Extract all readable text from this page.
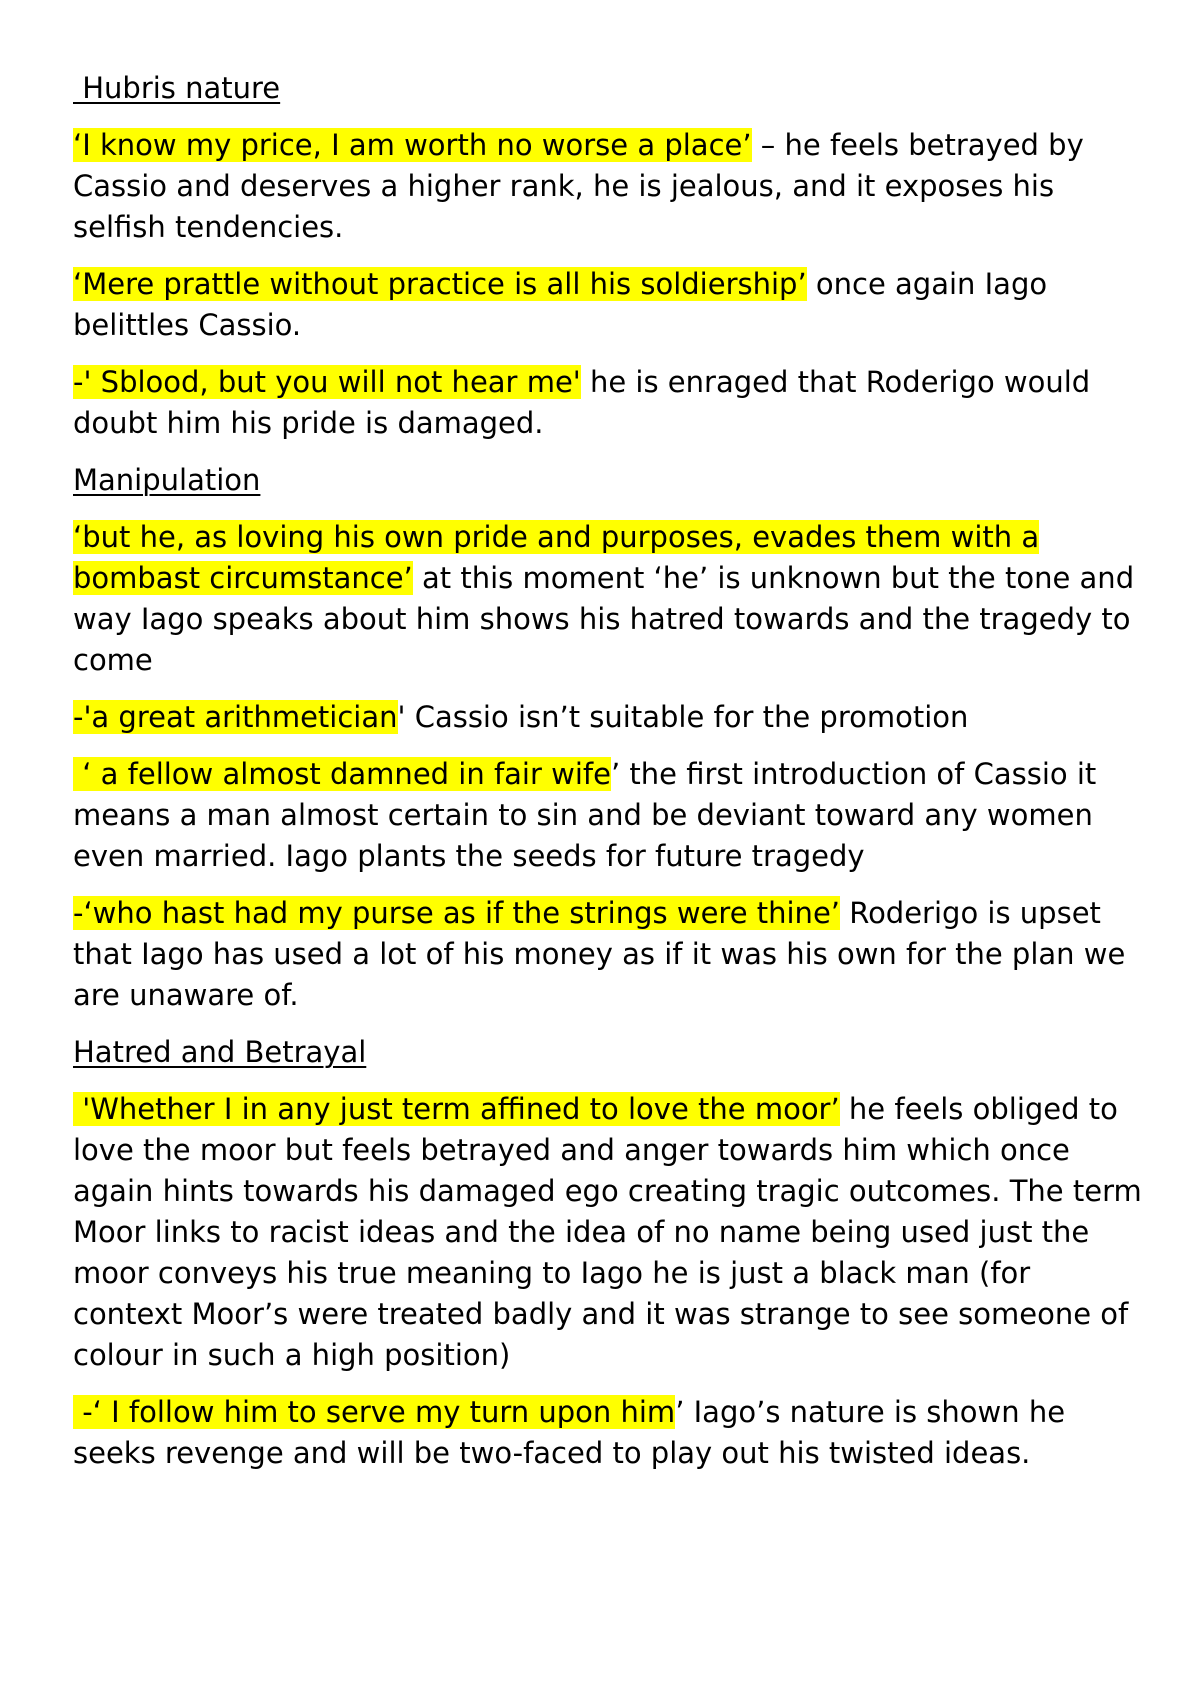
Hubris nature

‘I know my price, I am worth no worse a place’ – he feels betrayed by Cassio and deserves a higher rank, he is jealous, and it exposes his selfish tendencies.

‘Mere prattle without practice is all his soldiership’ once again Iago belittles Cassio.

-' Sblood, but you will not hear me' he is enraged that Roderigo would doubt him his pride is damaged.

Manipulation

‘but he, as loving his own pride and purposes, evades them with a bombast circumstance’ at this moment ‘he’ is unknown but the tone and way Iago speaks about him shows his hatred towards and the tragedy to come

-'a great arithmetician' Cassio isn’t suitable for the promotion

‘ a fellow almost damned in fair wife’ the first introduction of Cassio it means a man almost certain to sin and be deviant toward any women even married. Iago plants the seeds for future tragedy

-‘who hast had my purse as if the strings were thine’ Roderigo is upset that Iago has used a lot of his money as if it was his own for the plan we are unaware of.

Hatred and Betrayal

'Whether I in any just term affined to love the moor’ he feels obliged to love the moor but feels betrayed and anger towards him which once again hints towards his damaged ego creating tragic outcomes. The term Moor links to racist ideas and the idea of no name being used just the moor conveys his true meaning to Iago he is just a black man (for context Moor’s were treated badly and it was strange to see someone of colour in such a high position)

-‘ I follow him to serve my turn upon him’ Iago’s nature is shown he seeks revenge and will be two-faced to play out his twisted ideas.
